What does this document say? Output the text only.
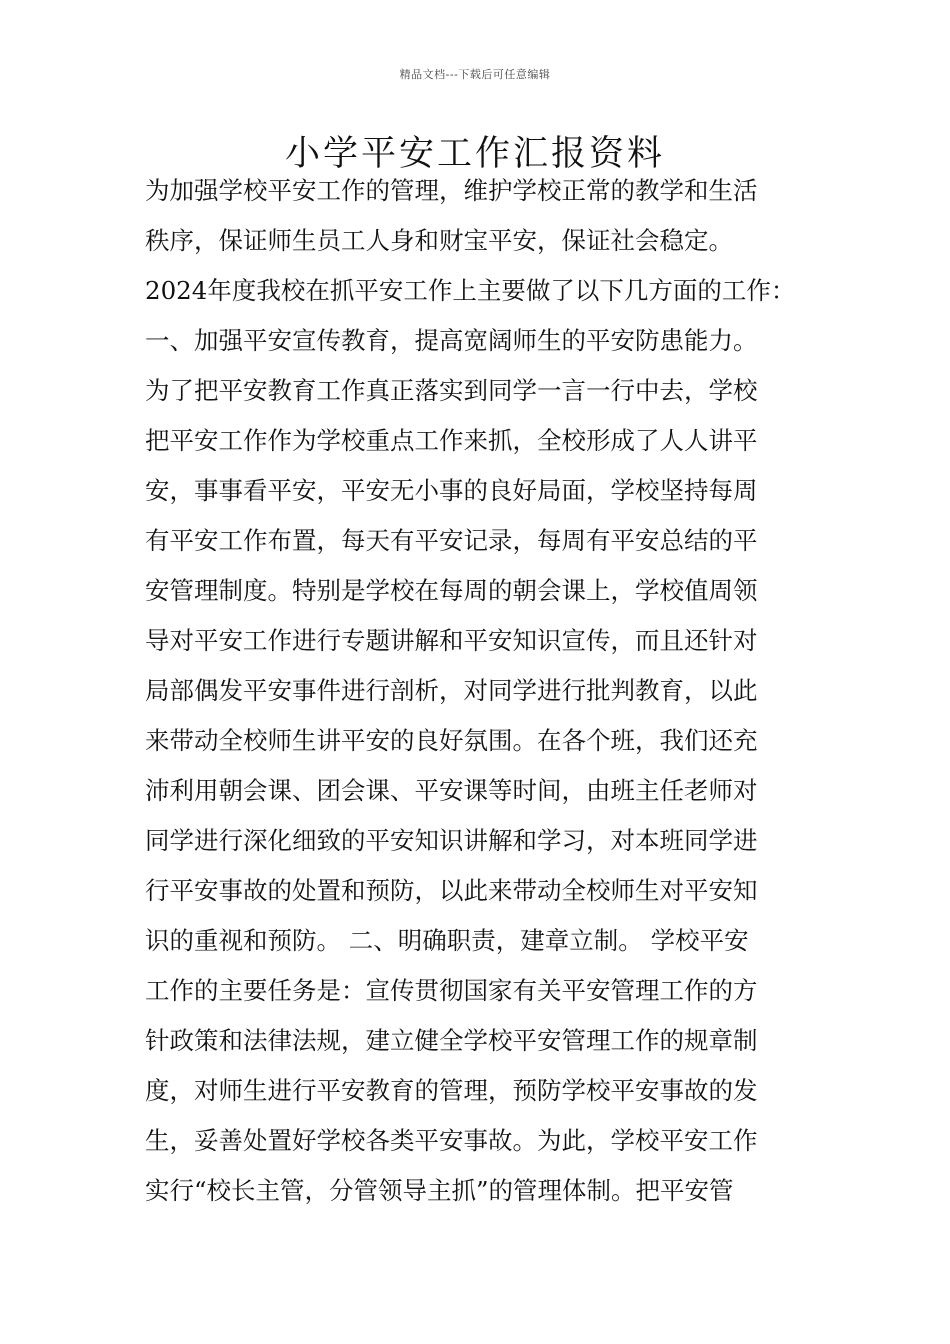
精品文档---下载后可任意编辑
小学平安工作汇报资料
为加强学校平安工作的管理，维护学校正常的教学和生活
秩序，保证师生员工人身和财宝平安，保证社会稳定。
2024年度我校在抓平安工作上主要做了以下几方面的工作：
一、加强平安宣传教育，提高宽阔师生的平安防患能力。
为了把平安教育工作真正落实到同学一言一行中去，学校
把平安工作作为学校重点工作来抓，全校形成了人人讲平
安，事事看平安，平安无小事的良好局面，学校坚持每周
有平安工作布置，每天有平安记录，每周有平安总结的平
安管理制度。特别是学校在每周的朝会课上，学校值周领
导对平安工作进行专题讲解和平安知识宣传，而且还针对
局部偶发平安事件进行剖析，对同学进行批判教育，以此
来带动全校师生讲平安的良好氛围。在各个班，我们还充
沛利用朝会课、团会课、平安课等时间，由班主任老师对
同学进行深化细致的平安知识讲解和学习，对本班同学进
行平安事故的处置和预防，以此来带动全校师生对平安知
识的重视和预防。 二、明确职责，建章立制。 学校平安
工作的主要任务是：宣传贯彻国家有关平安管理工作的方
针政策和法律法规，建立健全学校平安管理工作的规章制
度，对师生进行平安教育的管理，预防学校平安事故的发
生，妥善处置好学校各类平安事故。为此，学校平安工作
实行“校长主管，分管领导主抓”的管理体制。把平安管
